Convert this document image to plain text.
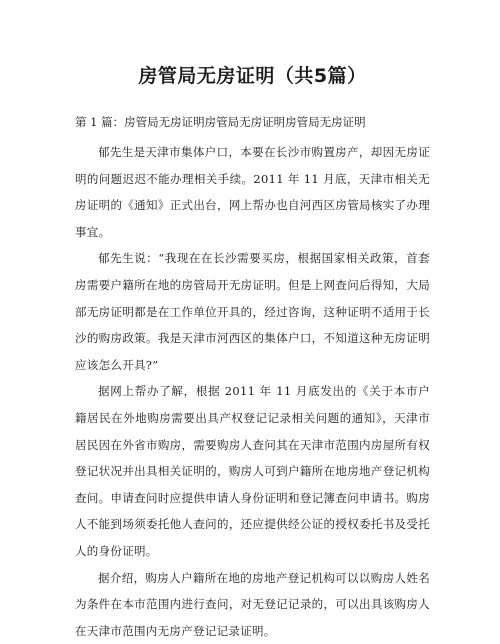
房管局无房证明（共5篇）
第 1 篇：房管局无房证明房管局无房证明房管局无房证明

郁先生是天津市集体户口，本要在长沙市购置房产，却因无房证明的问题迟迟不能办理相关手续。2011 年 11 月底，天津市相关无房证明的《通知》正式出台，网上帮办也自河西区房管局核实了办理事宜。

郁先生说：“我现在在长沙需要买房，根据国家相关政策，首套房需要户籍所在地的房管局开无房证明。但是上网查问后得知，大局部无房证明都是在工作单位开具的，经过咨询，这种证明不适用于长沙的购房政策。我是天津市河西区的集体户口，不知道这种无房证明应该怎么开具?”

据网上帮办了解，根据 2011 年 11 月底发出的《关于本市户籍居民在外地购房需要出具产权登记记录相关问题的通知》，天津市居民因在外省市购房，需要购房人查问其在天津市范围内房屋所有权登记状况并出具相关证明的，购房人可到户籍所在地房地产登记机构查问。申请查问时应提供申请人身份证明和登记簿查问申请书。购房人不能到场须委托他人查问的，还应提供经公证的授权委托书及受托人的身份证明。

据介绍，购房人户籍所在地的房地产登记机构可以以购房人姓名为条件在本市范围内进行查问，对无登记记录的，可以出具该购房人在天津市范围内无房产登记记录证明。
